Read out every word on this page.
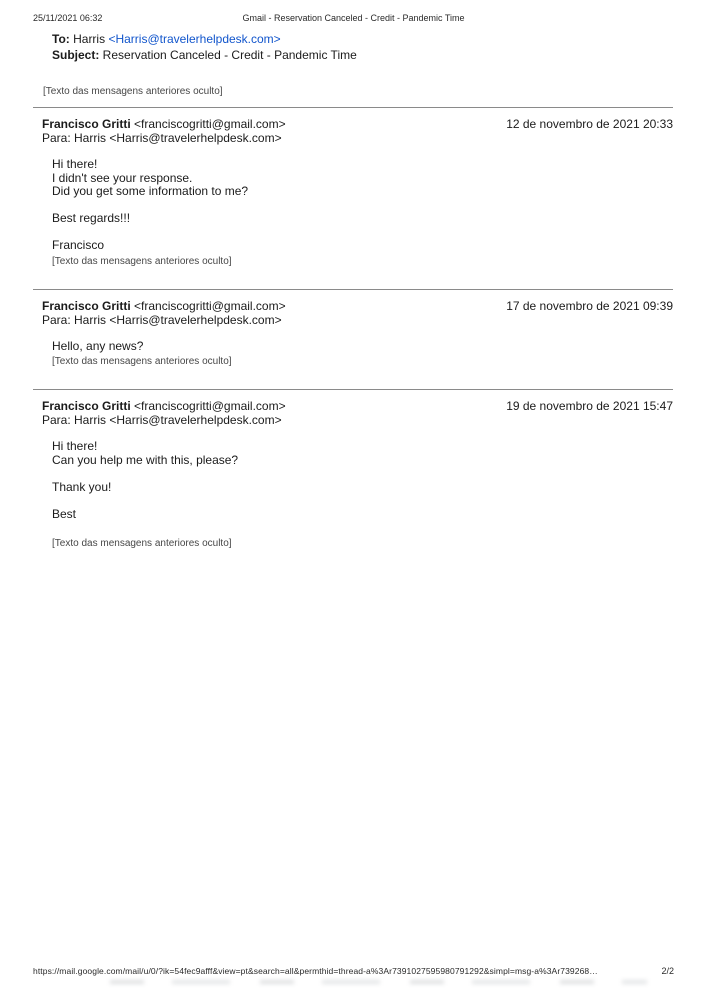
25/11/2021 06:32	Gmail - Reservation Canceled - Credit - Pandemic Time
To: Harris <Harris@travelerhelpdesk.com>
Subject: Reservation Canceled - Credit - Pandemic Time
[Texto das mensagens anteriores oculto]
Francisco Gritti <franciscogritti@gmail.com>	12 de novembro de 2021 20:33
Para: Harris <Harris@travelerhelpdesk.com>
Hi there!
I didn't see your response.
Did you get some information to me?
Best regards!!!
Francisco
[Texto das mensagens anteriores oculto]
Francisco Gritti <franciscogritti@gmail.com>	17 de novembro de 2021 09:39
Para: Harris <Harris@travelerhelpdesk.com>
Hello, any news?
[Texto das mensagens anteriores oculto]
Francisco Gritti <franciscogritti@gmail.com>	19 de novembro de 2021 15:47
Para: Harris <Harris@travelerhelpdesk.com>
Hi there!
Can you help me with this, please?
Thank you!
Best
[Texto das mensagens anteriores oculto]
https://mail.google.com/mail/u/0/?ik=54fec9afff&view=pt&search=all&permthid=thread-a%3Ar7391027595980791292&simpl=msg-a%3Ar739268…	2/2
